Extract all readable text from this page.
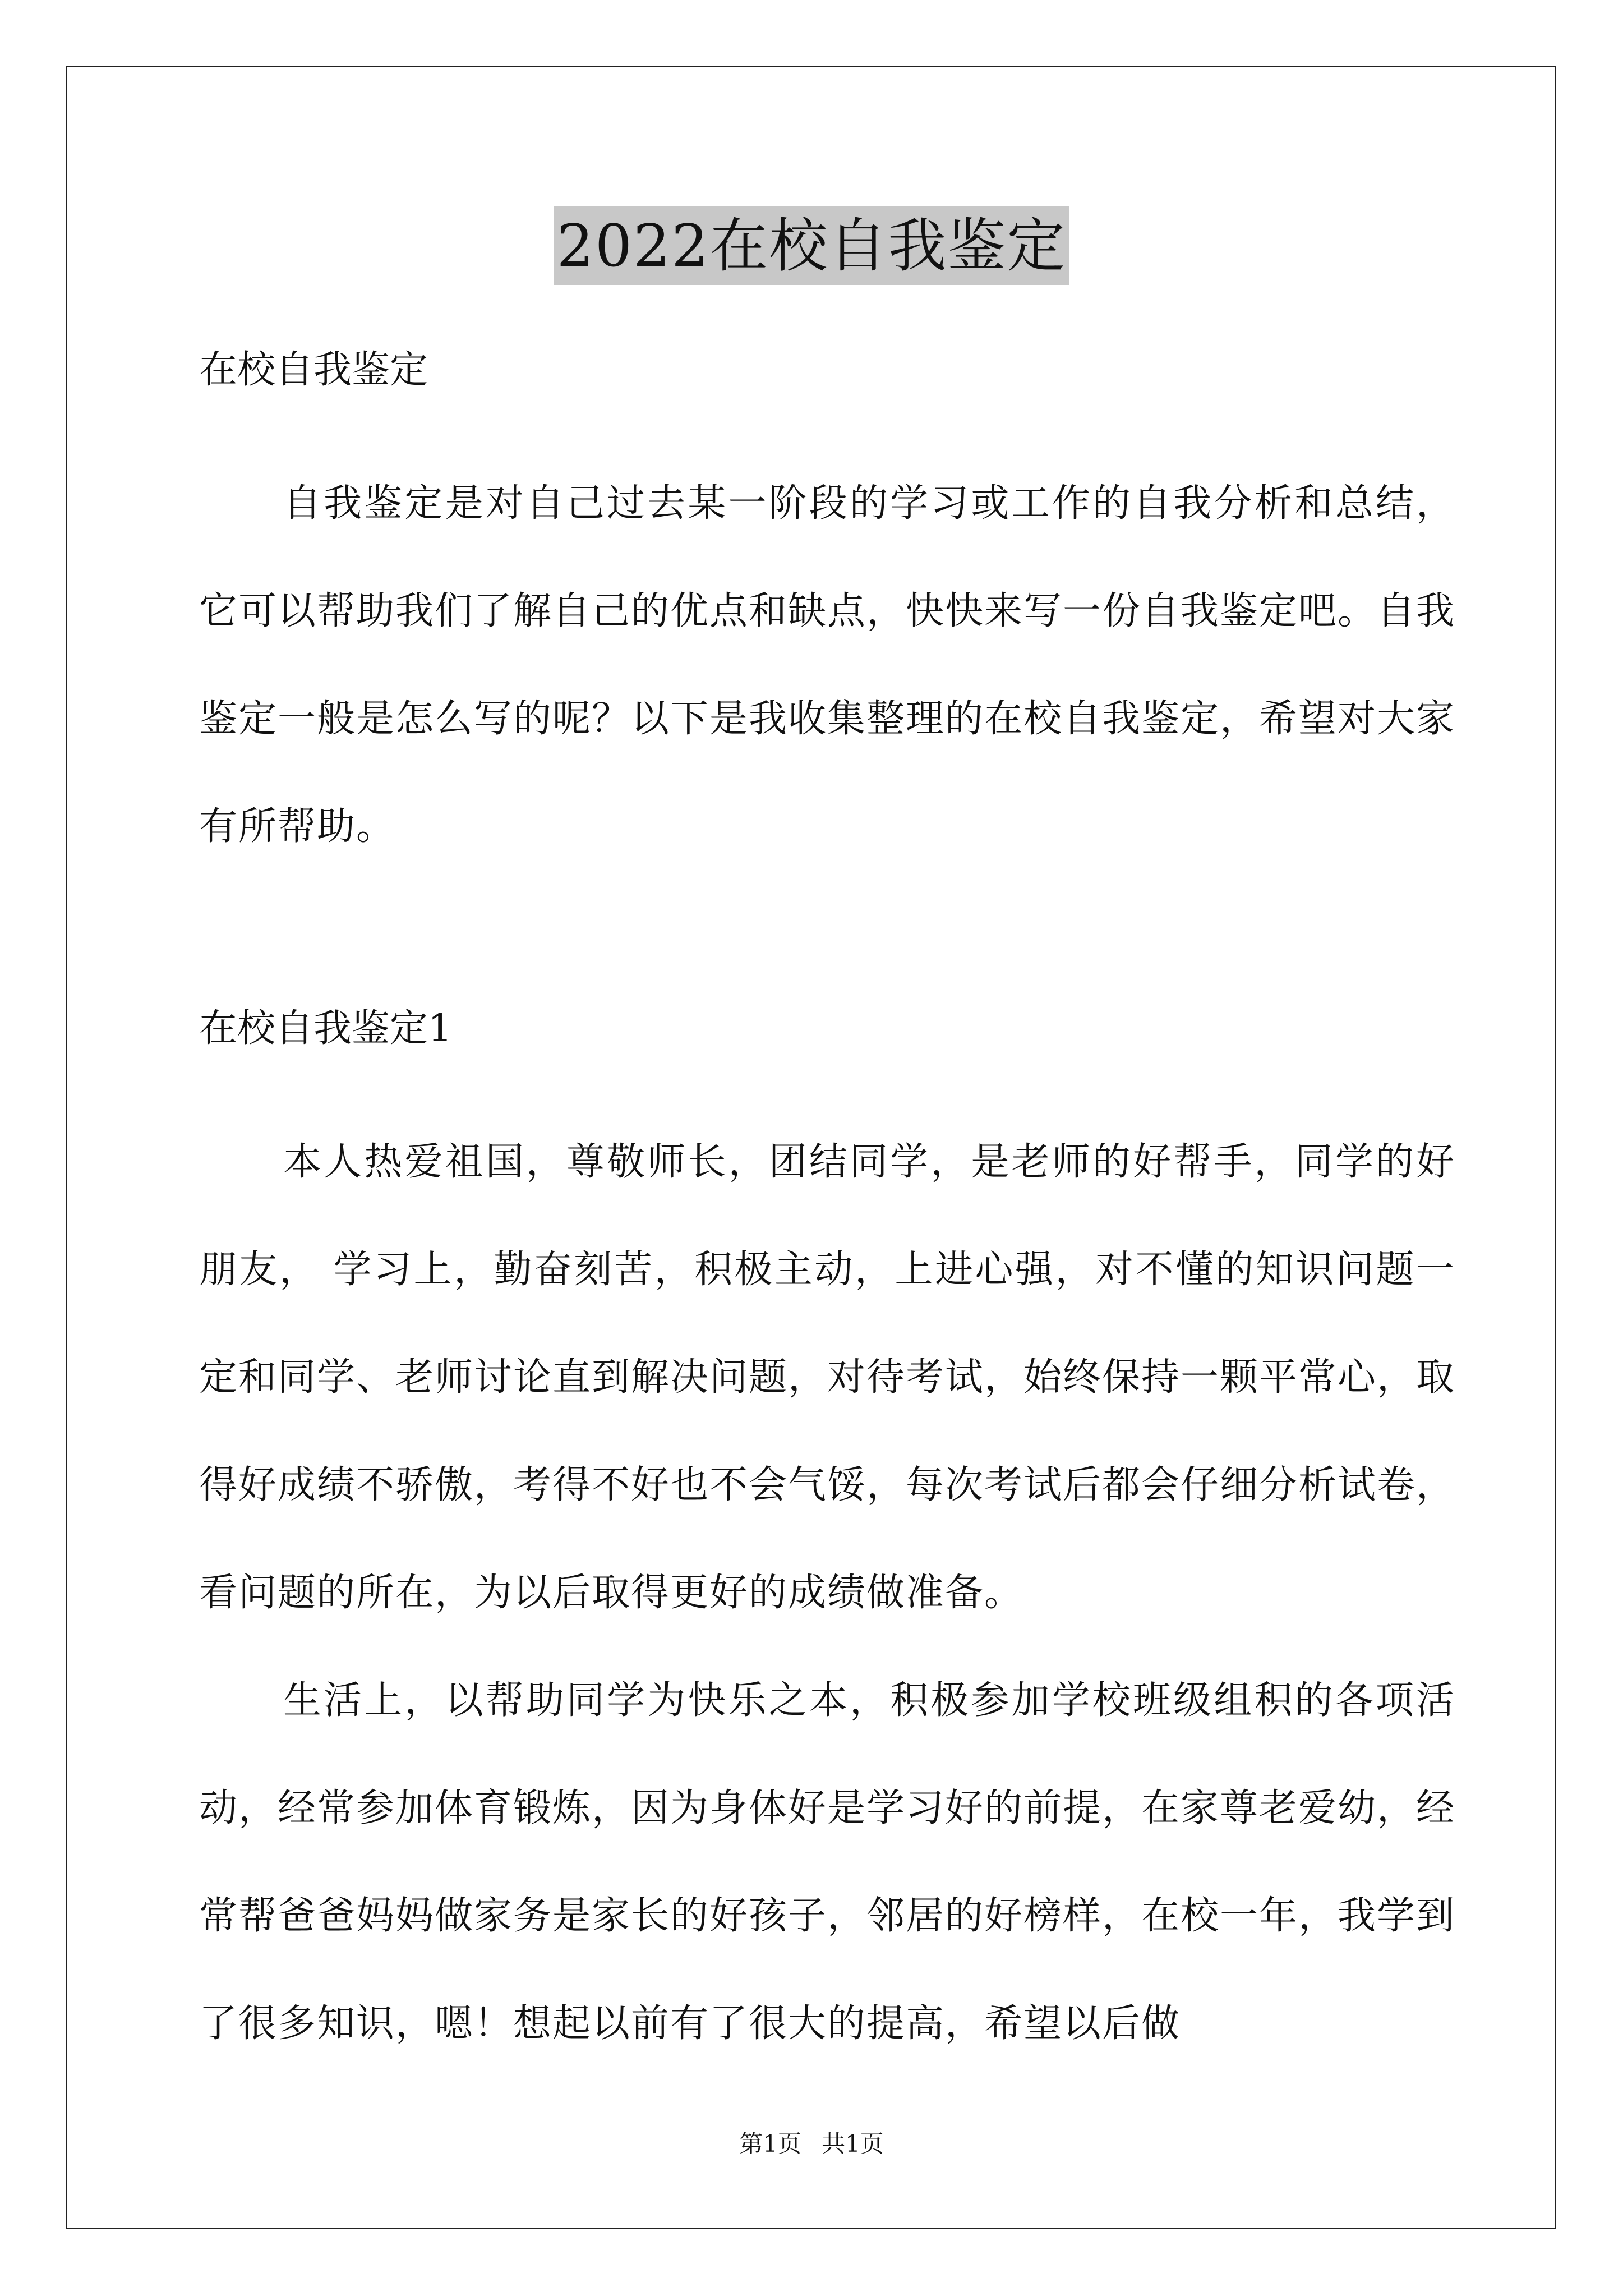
2022在校自我鉴定

在校自我鉴定

自我鉴定是对自己过去某一阶段的学习或工作的自我分析和总结，它可以帮助我们了解自己的优点和缺点，快快来写一份自我鉴定吧。自我鉴定一般是怎么写的呢？以下是我收集整理的在校自我鉴定，希望对大家有所帮助。

在校自我鉴定1

本人热爱祖国，尊敬师长，团结同学，是老师的好帮手，同学的好朋友， 学习上，勤奋刻苦，积极主动，上进心强，对不懂的知识问题一定和同学、老师讨论直到解决问题，对待考试，始终保持一颗平常心，取得好成绩不骄傲，考得不好也不会气馁，每次考试后都会仔细分析试卷，看问题的所在，为以后取得更好的成绩做准备。

生活上，以帮助同学为快乐之本，积极参加学校班级组积的各项活动，经常参加体育锻炼，因为身体好是学习好的前提，在家尊老爱幼，经常帮爸爸妈妈做家务是家长的好孩子，邻居的好榜样，在校一年，我学到了很多知识，嗯！想起以前有了很大的提高，希望以后做

第1页 共1页
